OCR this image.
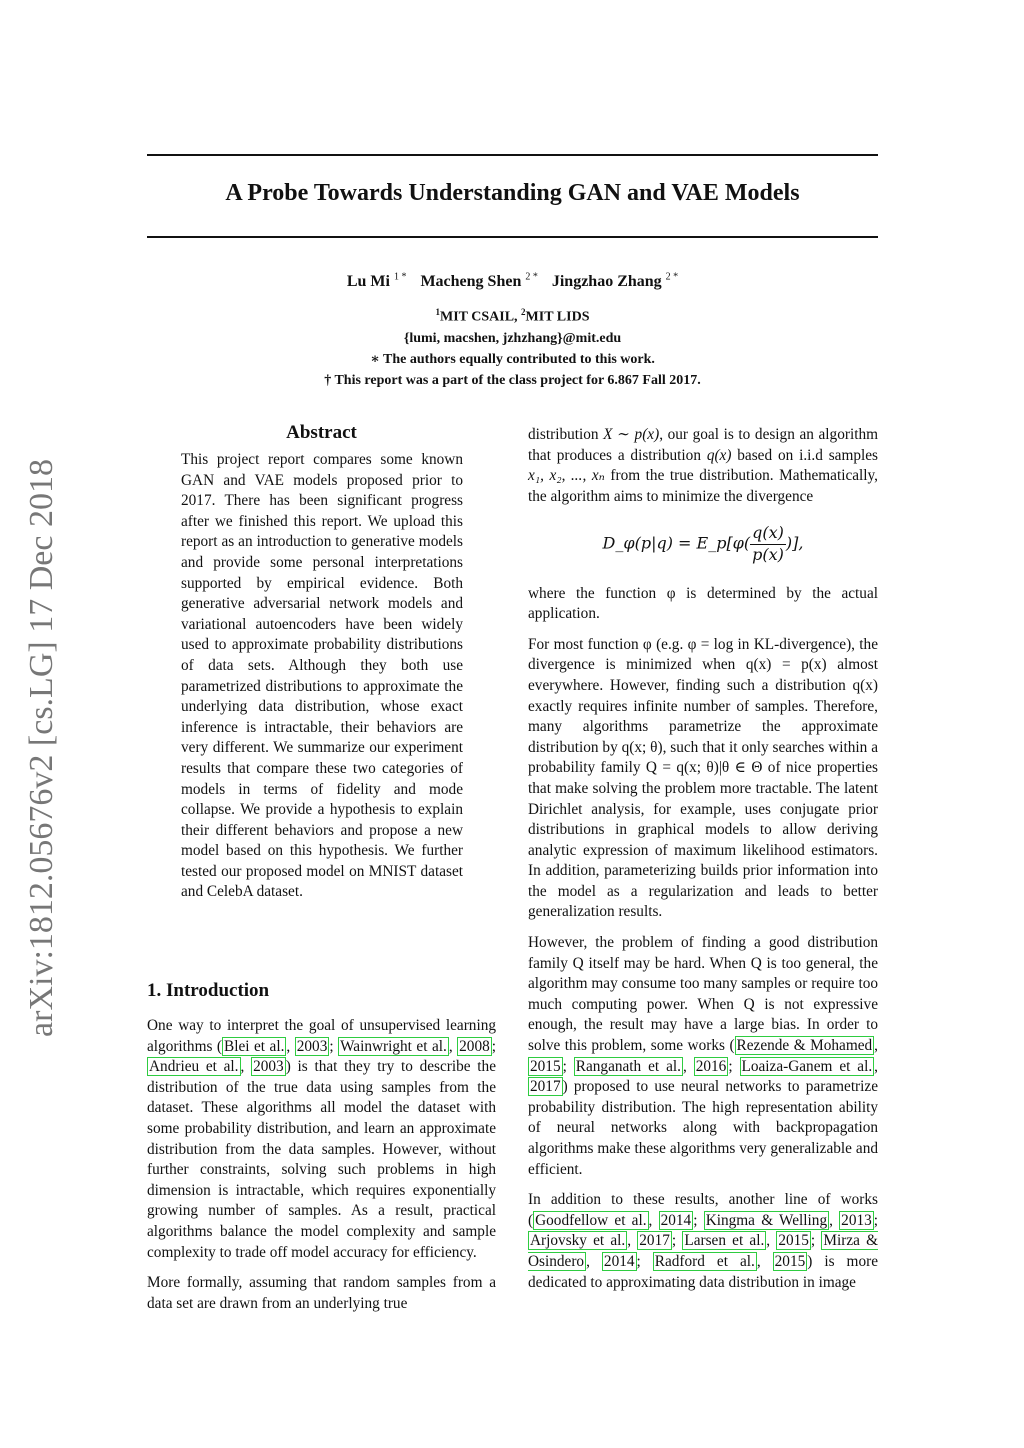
arXiv:1812.05676v2 [cs.LG] 17 Dec 2018
A Probe Towards Understanding GAN and VAE Models
Lu Mi $^{1 *}$ Macheng Shen $^{2 *}$ Jingzhao Zhang $^{2 *}$
$^1$MIT CSAIL, $^2$MIT LIDS
{lumi, macshen, jzhzhang}@mit.edu
∗ The authors equally contributed to this work.
† This report was a part of the class project for 6.867 Fall 2017.
Abstract
This project report compares some known GAN and VAE models proposed prior to 2017. There has been significant progress after we finished this report. We upload this report as an introduction to generative models and provide some personal interpretations supported by empirical evidence. Both generative adversarial network models and variational autoencoders have been widely used to approximate probability distributions of data sets. Although they both use parametrized distributions to approximate the underlying data distribution, whose exact inference is intractable, their behaviors are very different. We summarize our experiment results that compare these two categories of models in terms of fidelity and mode collapse. We provide a hypothesis to explain their different behaviors and propose a new model based on this hypothesis. We further tested our proposed model on MNIST dataset and CelebA dataset.
1. Introduction

One way to interpret the goal of unsupervised learning algorithms ( Blei et al. , 2003 ; Wainwright et al. , 2008 ; Andrieu et al. , 2003 ) is that they try to describe the distribution of the true data using samples from the dataset. These algorithms all model the dataset with some probability distribution, and learn an approximate distribution from the data samples. However, without further constraints, solving such problems in high dimension is intractable, which requires exponentially growing number of samples. As a result, practical algorithms balance the model complexity and sample complexity to trade off model accuracy for efficiency.

More formally, assuming that random samples from a data set are drawn from an underlying true

distribution X ∼ p(x), our goal is to design an algorithm that produces a distribution q(x) based on i.i.d samples x₁, x₂, ..., xₙ from the true distribution. Mathematically, the algorithm aims to minimize the divergence

D_φ(p|q) = E_p[φ( $\frac{q(x)}{p(x)}$ )],

where the function φ is determined by the actual application.

For most function φ (e.g. φ = log in KL-divergence), the divergence is minimized when q(x) = p(x) almost everywhere. However, finding such a distribution q(x) exactly requires infinite number of samples. Therefore, many algorithms parametrize the approximate distribution by q(x; θ), such that it only searches within a probability family Q = q(x; θ)|θ ∈ Θ of nice properties that make solving the problem more tractable. The latent Dirichlet analysis, for example, uses conjugate prior distributions in graphical models to allow deriving analytic expression of maximum likelihood estimators. In addition, parameterizing builds prior information into the model as a regularization and leads to better generalization results.

However, the problem of finding a good distribution family Q itself may be hard. When Q is too general, the algorithm may consume too many samples or require too much computing power. When Q is not expressive enough, the result may have a large bias. In order to solve this problem, some works ( Rezende & Mohamed , 2015 ; Ranganath et al. , 2016 ; Loaiza-Ganem et al. , 2017 ) proposed to use neural networks to parametrize probability distribution. The high representation ability of neural networks along with backpropagation algorithms make these algorithms very generalizable and efficient.

In addition to these results, another line of works ( Goodfellow et al. , 2014 ; Kingma & Welling , 2013 ; Arjovsky et al. , 2017 ; Larsen et al. , 2015 ; Mirza & Osindero , 2014 ; Radford et al. , 2015 ) is more dedicated to approximating data distribution in image
